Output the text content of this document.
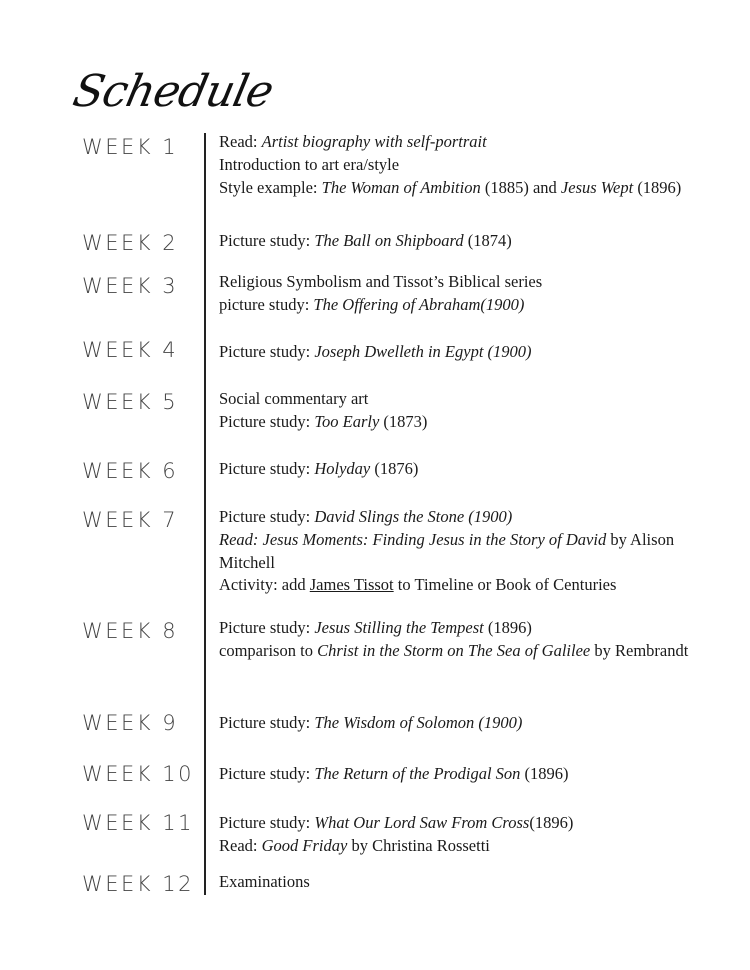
Schedule
WEEK 1
WEEK 2
WEEK 3
WEEK 4
WEEK 5
WEEK 6
WEEK 7
WEEK 8
WEEK 9
WEEK 10
WEEK 11
WEEK 12
Read: Artist biography with self-portrait
Introduction to art era/style
Style example: The Woman of Ambition (1885) and Jesus Wept (1896)
Picture study: The Ball on Shipboard (1874)
Religious Symbolism and Tissot’s Biblical series
picture study: The Offering of Abraham(1900)
Picture study: Joseph Dwelleth in Egypt (1900)
Social commentary art
Picture study: Too Early (1873)
Picture study: Holyday (1876)
Picture study: David Slings the Stone (1900)
Read: Jesus Moments: Finding Jesus in the Story of David by Alison Mitchell
Activity: add James Tissot to Timeline or Book of Centuries
Picture study: Jesus Stilling the Tempest (1896)
comparison to Christ in the Storm on The Sea of Galilee by Rembrandt
Picture study: The Wisdom of Solomon (1900)
Picture study: The Return of the Prodigal Son (1896)
Picture study: What Our Lord Saw From Cross(1896)
Read: Good Friday by Christina Rossetti
Examinations
